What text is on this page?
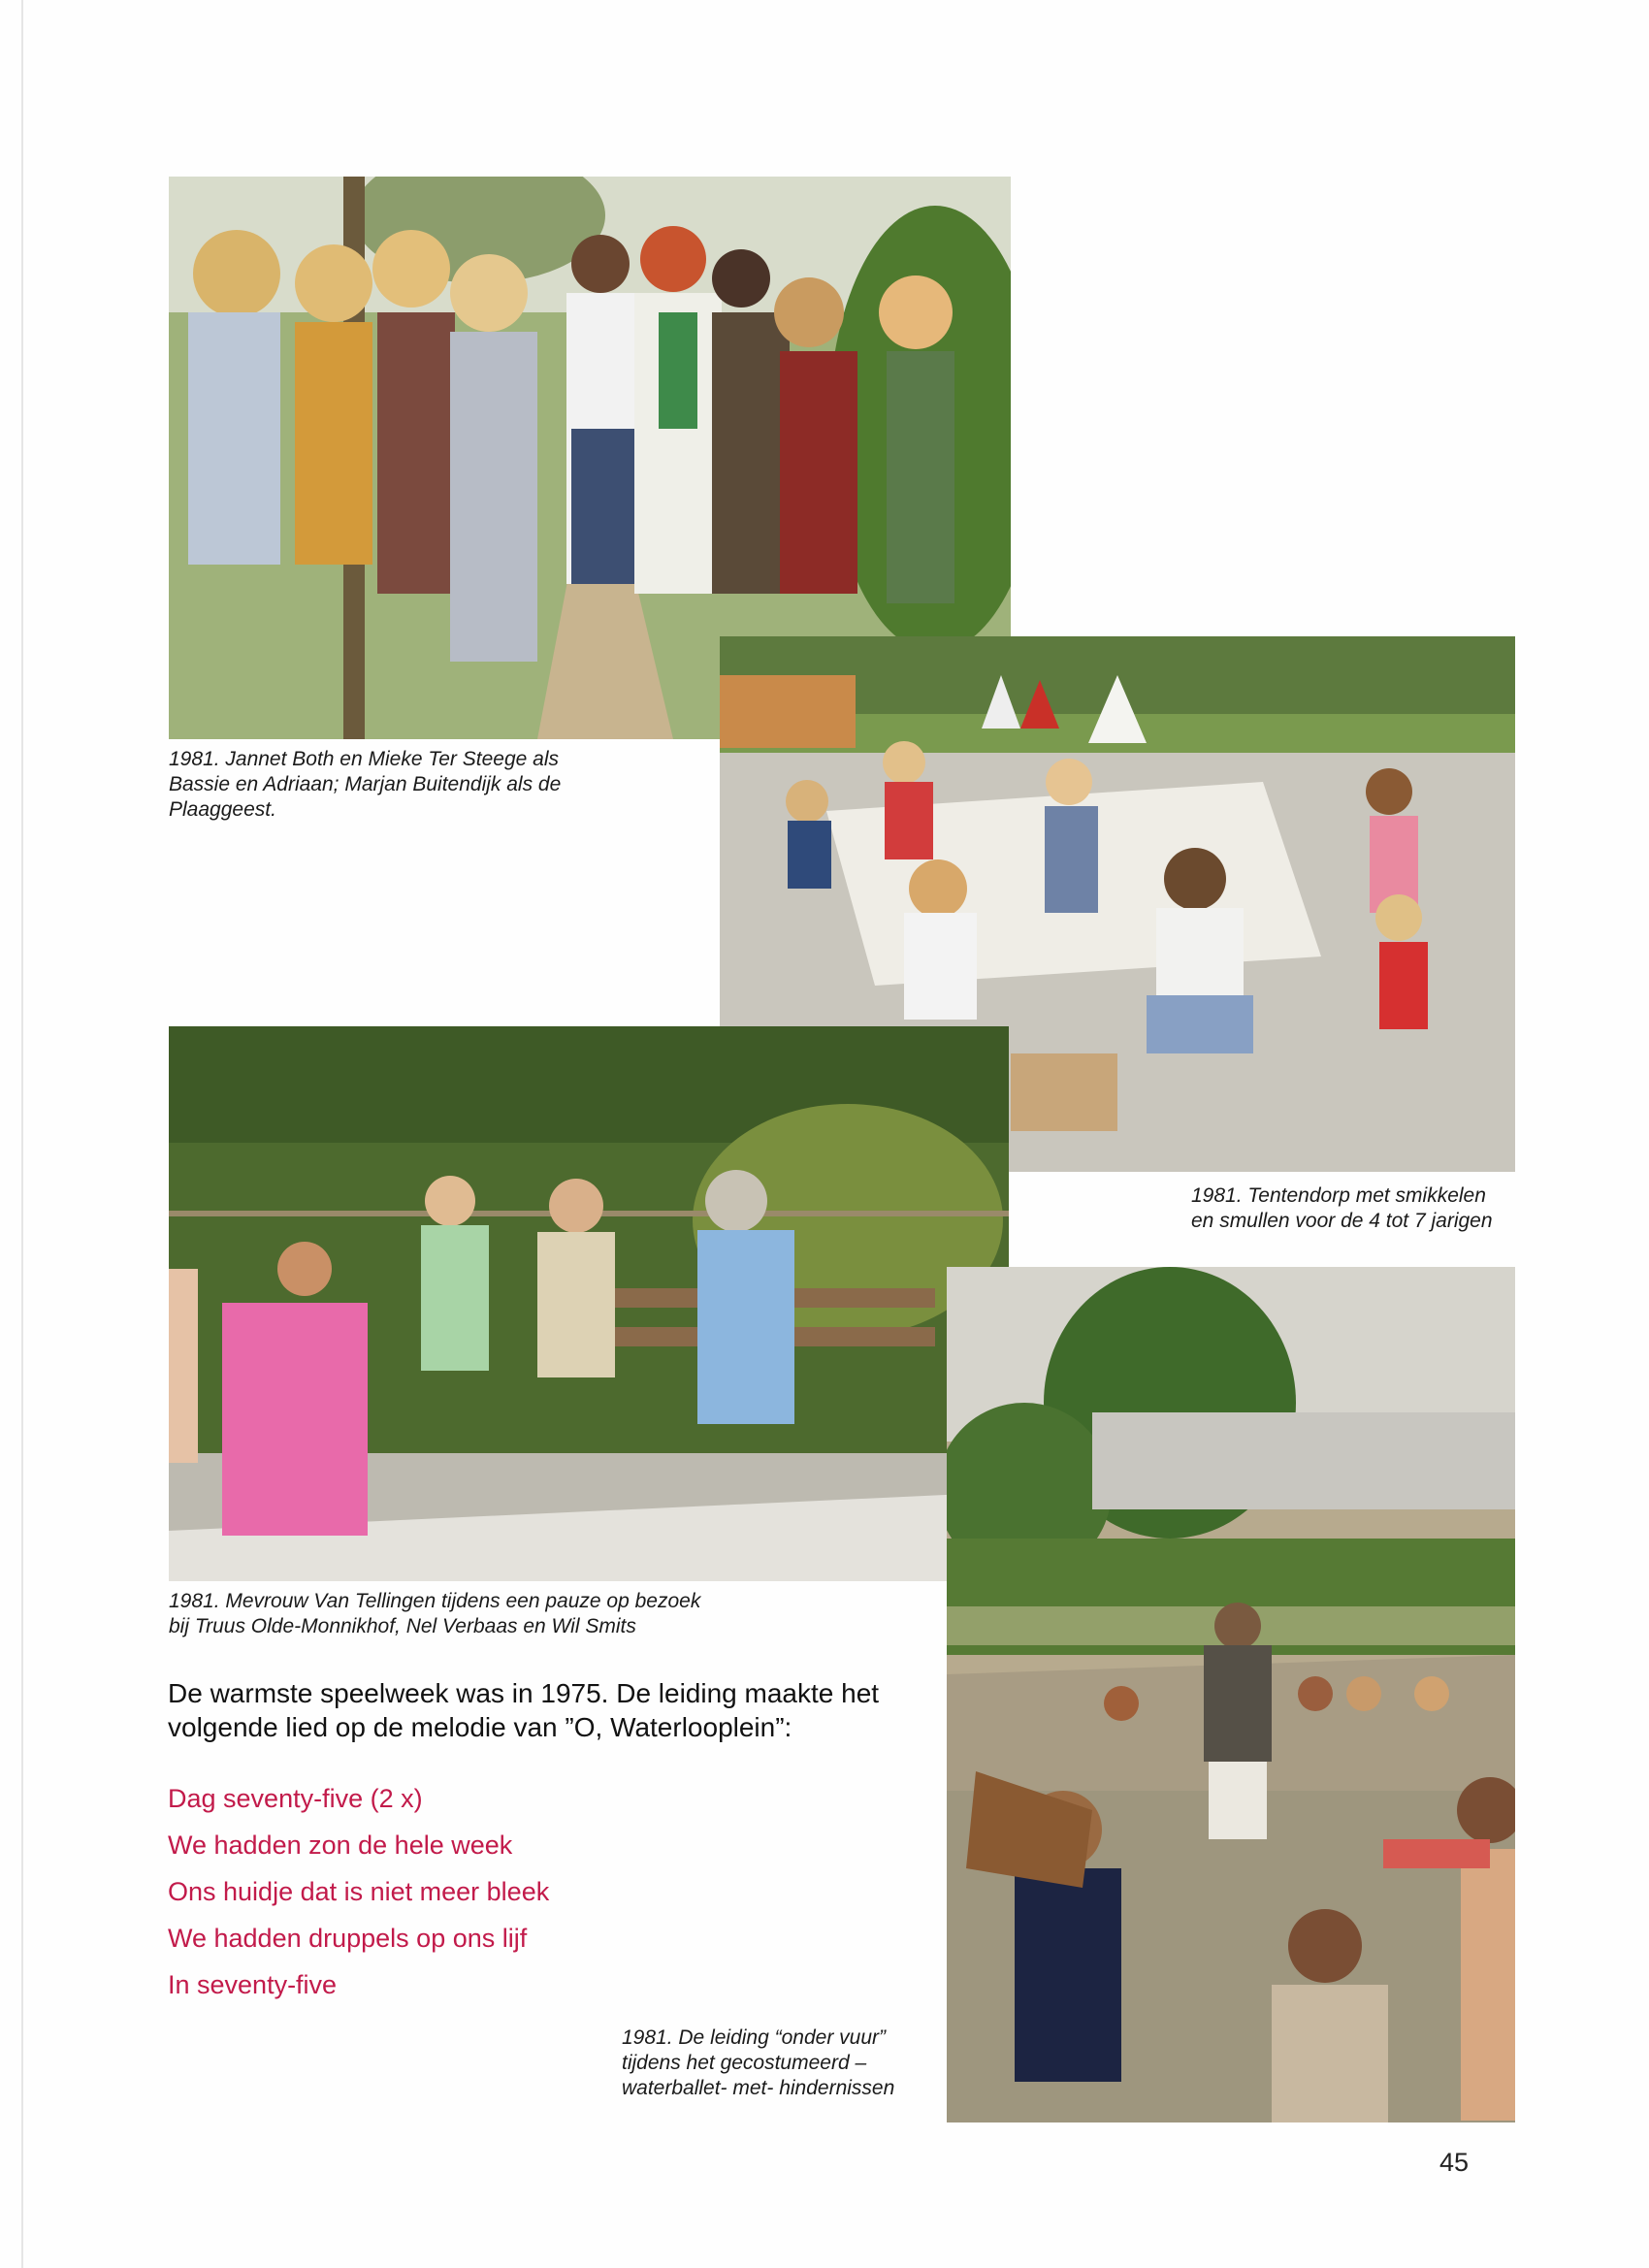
1981. Jannet Both en Mieke Ter Steege als
Bassie en Adriaan; Marjan Buitendijk als de
Plaaggeest.
1981. Tentendorp met smikkelen
en smullen voor de 4 tot 7 jarigen
1981. Mevrouw Van Tellingen tijdens een pauze op bezoek
bij Truus Olde-Monnikhof, Nel Verbaas en Wil Smits
1981. De leiding “onder vuur”
tijdens het gecostumeerd –
waterballet- met- hindernissen

De warmste speelweek was in 1975. De leiding maakte het volgende lied op de melodie van ”O, Waterlooplein”:

Dag seventy-five (2 x)
We hadden zon de hele week
Ons huidje dat is niet meer bleek
We hadden druppels op ons lijf
In seventy-five
45
